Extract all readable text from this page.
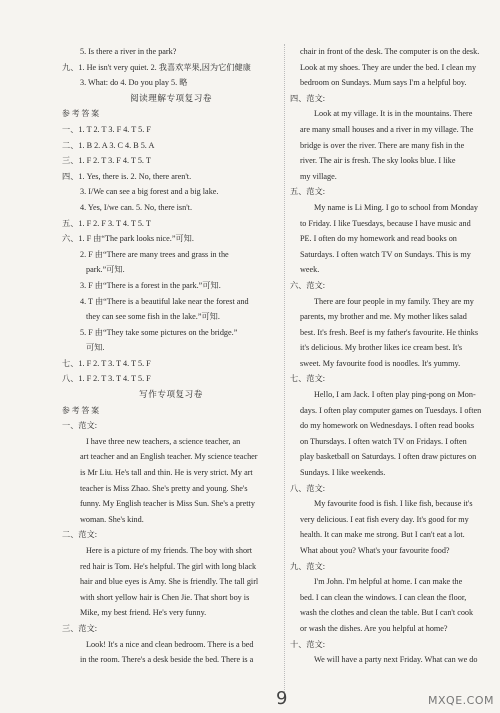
5. Is there a river in the park?
九、1. He isn't very quiet. 2. 我喜欢苹果,因为它们健康
3. What: do 4. Do you play 5. 略
阅读理解专项复习卷
参 考 答 案
一、1. T 2. T 3. F 4. T 5. F
二、1. B 2. A 3. C 4. B 5. A
三、1. F 2. T 3. F 4. T 5. T
四、1. Yes, there is. 2. No, there aren't.
3. I/We can see a big forest and a big lake.
4. Yes, I/we can. 5. No, there isn't.
五、1. F 2. F 3. T 4. T 5. T
六、1. F 由“The park looks nice.”可知.
2. F 由“There are many trees and grass in the
park.”可知.
3. F 由“There is a forest in the park.”可知.
4. T 由“There is a beautiful lake near the forest and
they can see some fish in the lake.”可知.
5. F 由“They take some pictures on the bridge.”
可知.
七、1. F 2. T 3. T 4. T 5. F
八、1. F 2. T 3. T 4. T 5. F
写作专项复习卷
参 考 答 案
一、范文:
I have three new teachers, a science teacher, an
art teacher and an English teacher. My science teacher
is Mr Liu. He's tall and thin. He is very strict. My art
teacher is Miss Zhao. She's pretty and young. She's
funny. My English teacher is Miss Sun. She's a pretty
woman. She's kind.
二、范文:
Here is a picture of my friends. The boy with short
red hair is Tom. He's helpful. The girl with long black
hair and blue eyes is Amy. She is friendly. The tall girl
with short yellow hair is Chen Jie. That short boy is
Mike, my best friend. He's very funny.
三、范文:
Look! It's a nice and clean bedroom. There is a bed
in the room. There's a desk beside the bed. There is a
chair in front of the desk. The computer is on the desk.
Look at my shoes. They are under the bed. I clean my
bedroom on Sundays. Mum says I'm a helpful boy.
四、范文:
Look at my village. It is in the mountains. There
are many small houses and a river in my village. The
bridge is over the river. There are many fish in the
river. The air is fresh. The sky looks blue. I like
my village.
五、范文:
My name is Li Ming. I go to school from Monday
to Friday. I like Tuesdays, because I have music and
PE. I often do my homework and read books on
Saturdays. I often watch TV on Sundays. This is my
week.
六、范文:
There are four people in my family. They are my
parents, my brother and me. My mother likes salad
best. It's fresh. Beef is my father's favourite. He thinks
it's delicious. My brother likes ice cream best. It's
sweet. My favourite food is noodles. It's yummy.
七、范文:
Hello, I am Jack. I often play ping-pong on Mon-
days. I often play computer games on Tuesdays. I often
do my homework on Wednesdays. I often read books
on Thursdays. I often watch TV on Fridays. I often
play basketball on Saturdays. I often draw pictures on
Sundays. I like weekends.
八、范文:
My favourite food is fish. I like fish, because it's
very delicious. I eat fish every day. It's good for my
health. It can make me strong. But I can't eat a lot.
What about you? What's your favourite food?
九、范文:
I'm John. I'm helpful at home. I can make the
bed. I can clean the windows. I can clean the floor,
wash the clothes and clean the table. But I can't cook
or wash the dishes. Are you helpful at home?
十、范文:
We will have a party next Friday. What can we do
9	MXQE.COM
